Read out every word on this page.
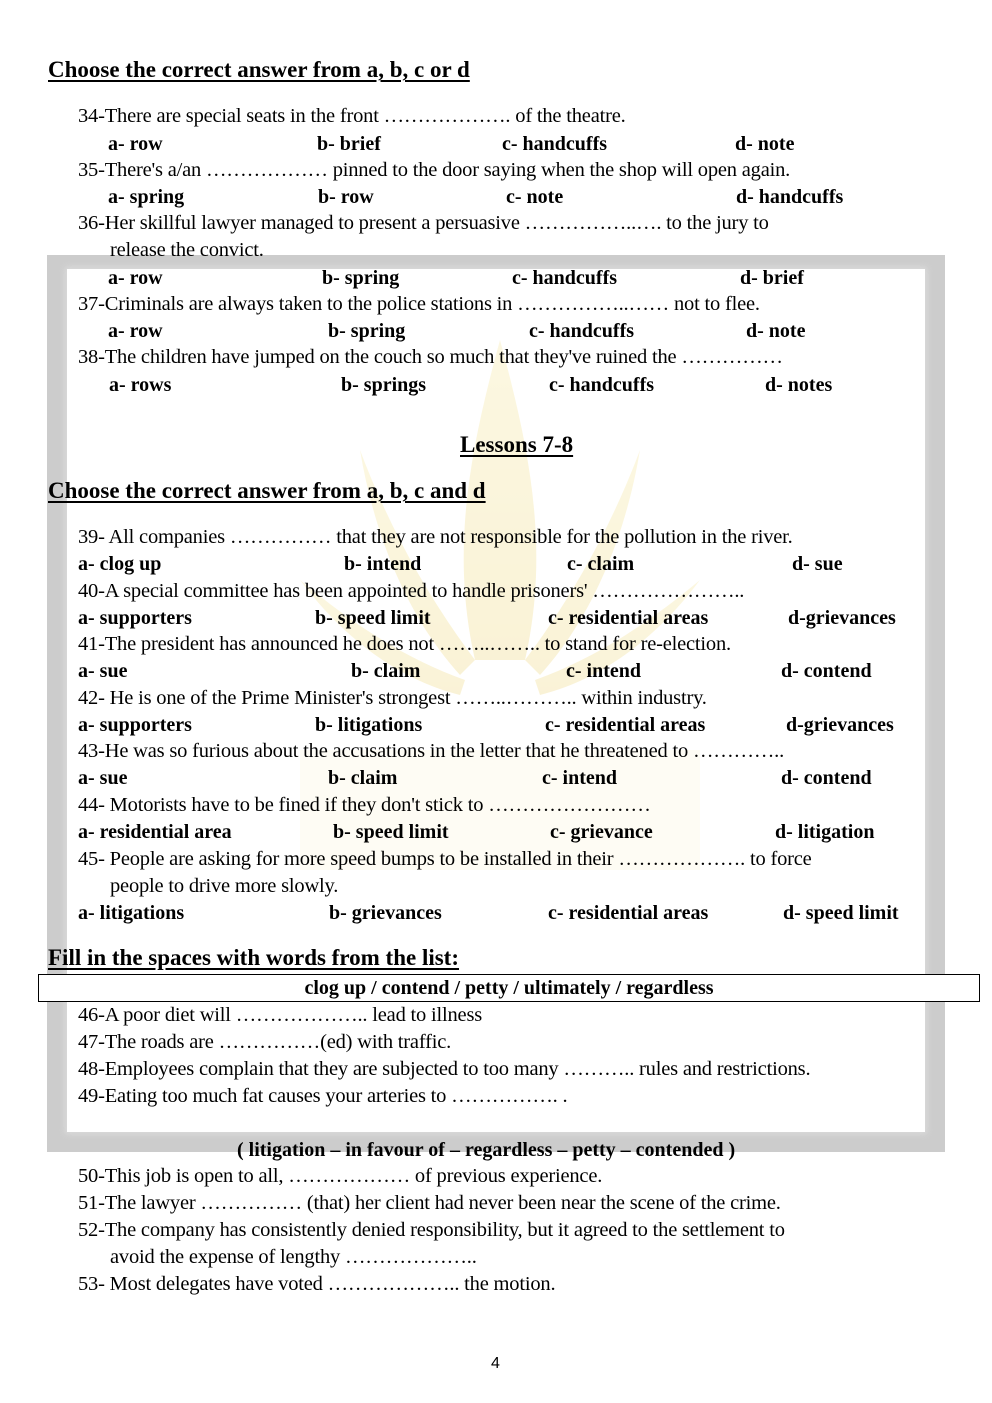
Choose the correct answer from a, b, c or d
34-There are special seats in the front ………………. of the theatre.
a- row	b- brief	c- handcuffs	d- note
35-There's a/an ……………… pinned to the door saying when the shop will open again.
a- spring	b- row	c- note	d- handcuffs
36-Her skillful lawyer managed to present a persuasive ……………..…. to the jury to
release the convict.
a- row	b- spring	c- handcuffs	d- brief
37-Criminals are always taken to the police stations in ……………..…… not to flee.
a- row	b- spring	c- handcuffs	d- note
38-The children have jumped on the couch so much that they've ruined the ……………
a- rows	b- springs	c- handcuffs	d- notes
Lessons 7-8
Choose the correct answer from a, b, c and d
39- All companies …………… that they are not responsible for the pollution in the river.
a- clog up	b- intend	c- claim	d- sue
40-A special committee has been appointed to handle prisoners' …………………..
a- supporters	b- speed limit	c- residential areas	d-grievances
41-The president has announced he does not ……..…….. to stand for re-election.
a- sue	b- claim	c- intend	d- contend
42- He is one of the Prime Minister's strongest ……..……….. within industry.
a- supporters	b- litigations	c- residential areas	d-grievances
43-He was so furious about the accusations in the letter that he threatened to …………..
a- sue	b- claim	c- intend	d- contend
44- Motorists have to be fined if they don't stick to ……………………
a- residential area	b- speed limit	c- grievance	d- litigation
45- People are asking for more speed bumps to be installed in their ………………. to force
people to drive more slowly.
a- litigations	b- grievances	c- residential areas	d- speed limit
Fill in the spaces with words from the list:
clog up / contend / petty / ultimately / regardless
46-A poor diet will ……………….. lead to illness
47-The roads are ……………(ed) with traffic.
48-Employees complain that they are subjected to too many ……….. rules and restrictions.
49-Eating too much fat causes your arteries to ……………. .
( litigation – in favour of – regardless – petty – contended )
50-This job is open to all, ……………… of previous experience.
51-The lawyer …………… (that) her client had never been near the scene of the crime.
52-The company has consistently denied responsibility, but it agreed to the settlement to
avoid the expense of lengthy ………………..
53- Most delegates have voted ……………….. the motion.
4
